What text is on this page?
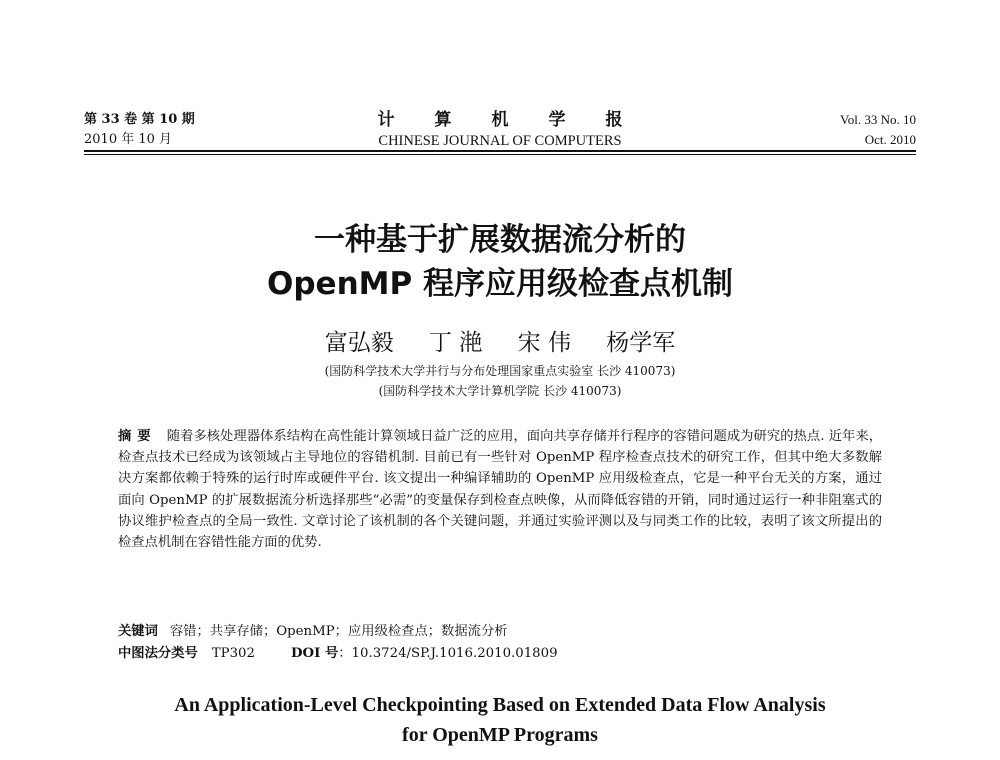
第 33 卷 第 10 期
2010 年 10 月
计算机学报
CHINESE JOURNAL OF COMPUTERS
Vol. 33 No. 10
Oct. 2010
一种基于扩展数据流分析的
OpenMP 程序应用级检查点机制
富弘毅 丁 滟 宋 伟 杨学军
(国防科学技术大学并行与分布处理国家重点实验室 长沙 410073)
(国防科学技术大学计算机学院 长沙 410073)
摘要 随着多核处理器体系结构在高性能计算领域日益广泛的应用，面向共享存储并行程序的容错问题成为研究的热点. 近年来，检查点技术已经成为该领域占主导地位的容错机制. 目前已有一些针对 OpenMP 程序检查点技术的研究工作，但其中绝大多数解决方案都依赖于特殊的运行时库或硬件平台. 该文提出一种编译辅助的 OpenMP 应用级检查点，它是一种平台无关的方案，通过面向 OpenMP 的扩展数据流分析选择那些“必需”的变量保存到检查点映像，从而降低容错的开销，同时通过运行一种非阻塞式的协议维护检查点的全局一致性. 文章讨论了该机制的各个关键问题，并通过实验评测以及与同类工作的比较，表明了该文所提出的检查点机制在容错性能方面的优势.
关键词 容错；共享存储；OpenMP；应用级检查点；数据流分析
中图法分类号 TP302	DOI 号：10.3724/SP.J.1016.2010.01809
An Application-Level Checkpointing Based on Extended Data Flow Analysis
for OpenMP Programs
